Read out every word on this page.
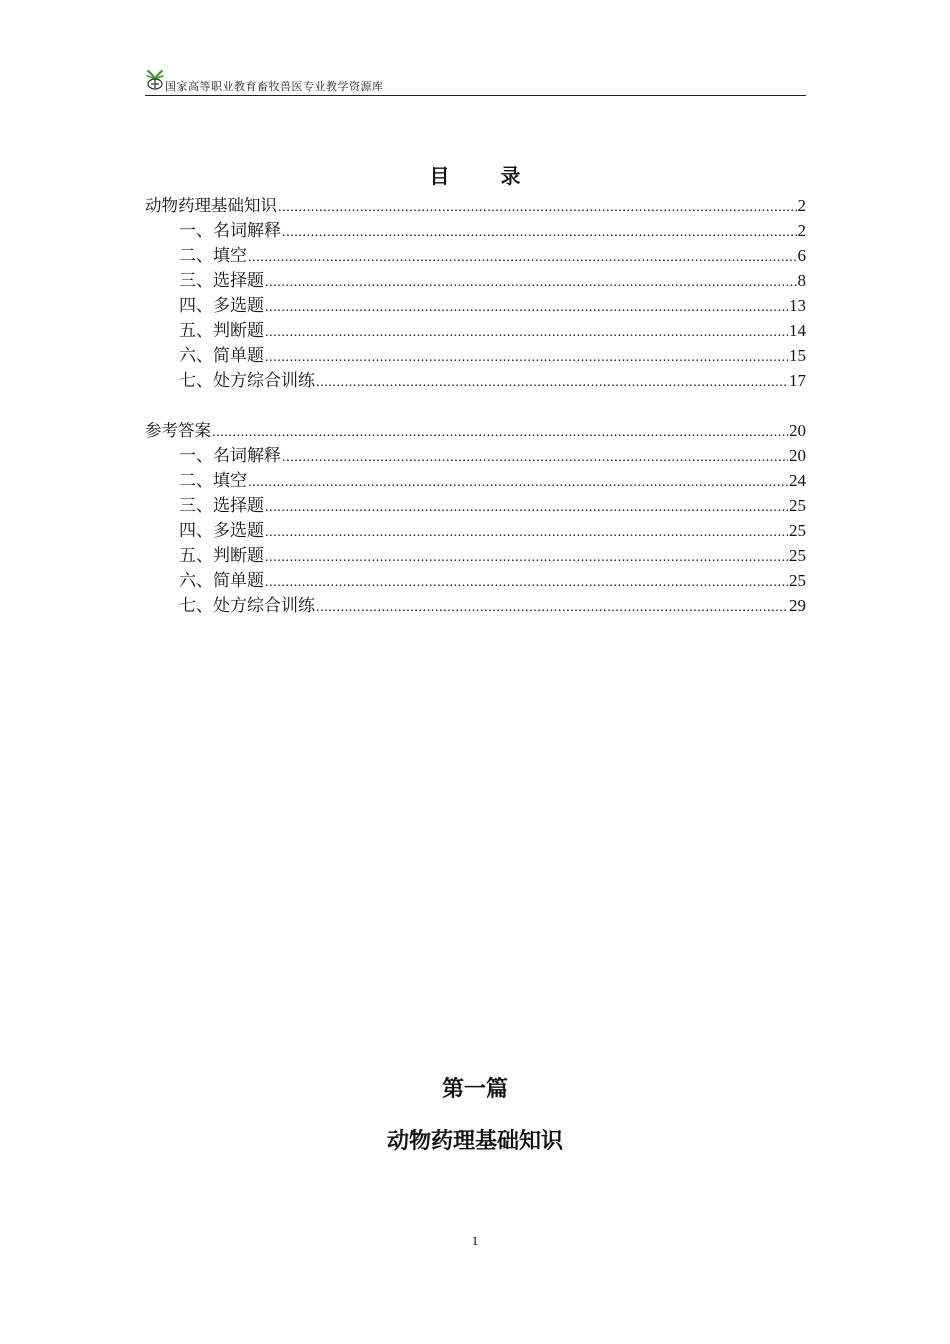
国家高等职业教育畜牧兽医专业教学资源库
目 录
动物药理基础知识 .....	2
一、名词解释 .....	2
二、填空 .....	6
三、选择题 .....	8
四、多选题 .....	13
五、判断题 .....	14
六、简单题 .....	15
七、处方综合训练 .....	17
参考答案 .....	20
一、名词解释 .....	20
二、填空 .....	24
三、选择题 .....	25
四、多选题 .....	25
五、判断题 .....	25
六、简单题 .....	25
七、处方综合训练 .....	29
第一篇
动物药理基础知识
1
